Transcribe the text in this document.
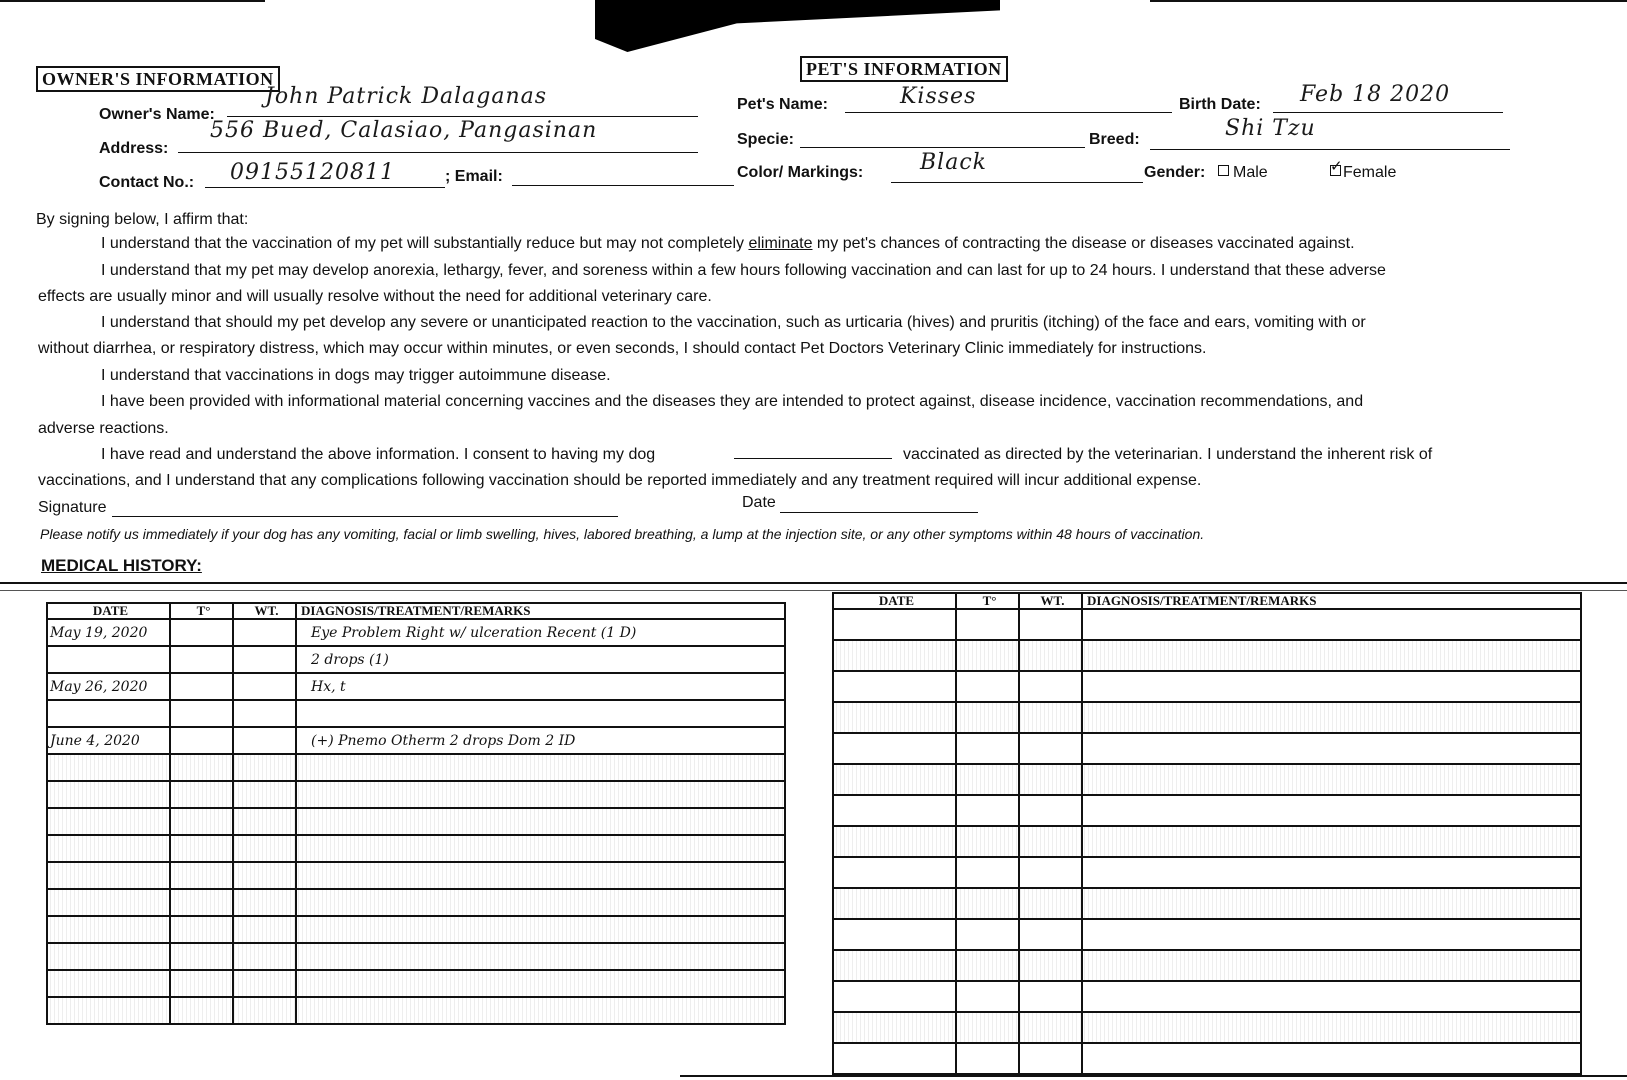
OWNER'S INFORMATION
Owner's Name:
John Patrick Dalaganas
Address:
556 Bued, Calasiao, Pangasinan
Contact No.: 09155120811	; Email:
PET'S INFORMATION
Pet's Name:	Kisses	Birth Date: Feb 18 2020
Specie:	Breed:	Shi Tzu
Color/ Markings:	Black	Gender:	Male	✓ Female
By signing below, I affirm that:
I understand that the vaccination of my pet will substantially reduce but may not completely eliminate my pet's chances of contracting the disease or diseases vaccinated against.
I understand that my pet may develop anorexia, lethargy, fever, and soreness within a few hours following vaccination and can last for up to 24 hours. I understand that these adverse
effects are usually minor and will usually resolve without the need for additional veterinary care.
I understand that should my pet develop any severe or unanticipated reaction to the vaccination, such as urticaria (hives) and pruritis (itching) of the face and ears, vomiting with or
without diarrhea, or respiratory distress, which may occur within minutes, or even seconds, I should contact Pet Doctors Veterinary Clinic immediately for instructions.
I understand that vaccinations in dogs may trigger autoimmune disease.
I have been provided with informational material concerning vaccines and the diseases they are intended to protect against, disease incidence, vaccination recommendations, and
adverse reactions.
I have read and understand the above information. I consent to having my dog	vaccinated as directed by the veterinarian. I understand the inherent risk of
vaccinations, and I understand that any complications following vaccination should be reported immediately and any treatment required will incur additional expense.
Signature	Date
Please notify us immediately if your dog has any vomiting, facial or limb swelling, hives, labored breathing, a lump at the injection site, or any other symptoms within 48 hours of vaccination.
MEDICAL HISTORY:
DATE	T°	WT.	DIAGNOSIS/TREATMENT/REMARKS
May 19, 2020			Eye Problem Right w/ ulceration Recent (1 D)
			2 drops (1)
May 26, 2020			Hx, t

June 4, 2020			(+) Pnemo Otherm 2 drops Dom 2 ID

DATE	T°	WT.	DIAGNOSIS/TREATMENT/REMARKS
